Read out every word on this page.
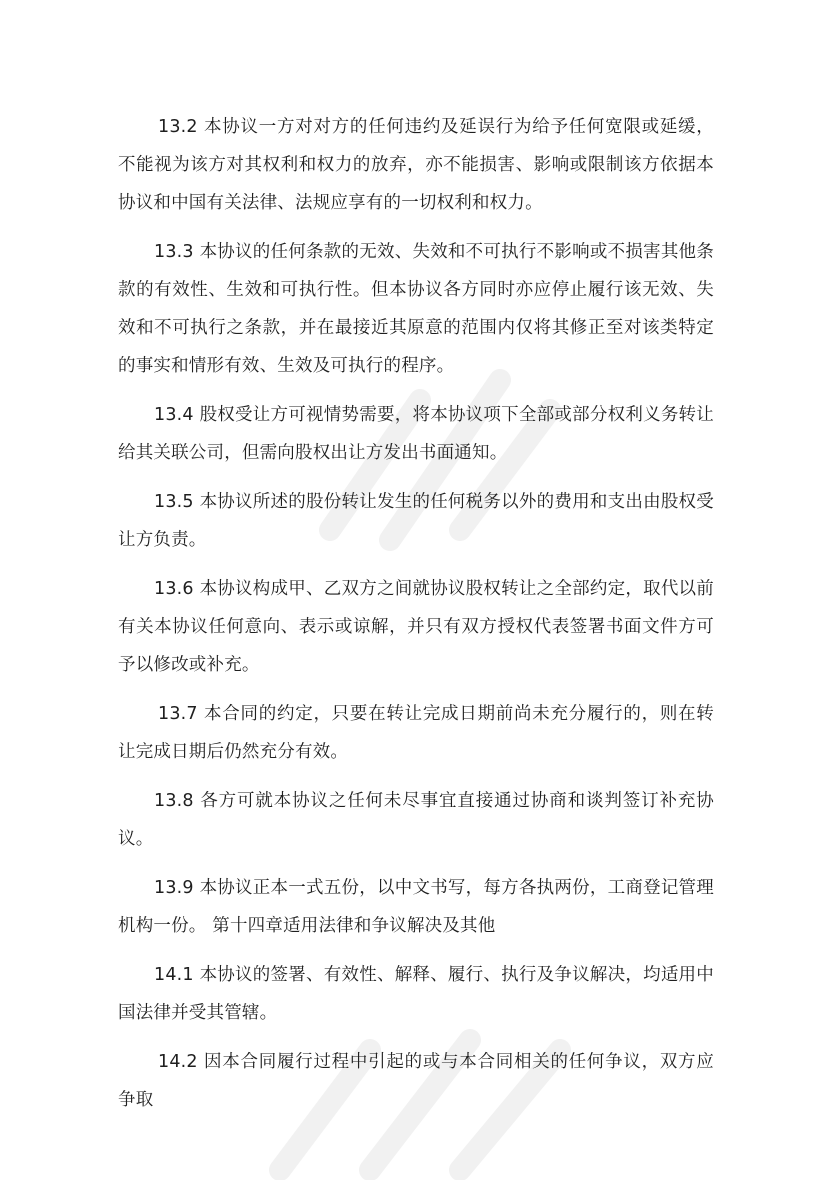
13.2 本协议一方对对方的任何违约及延误行为给予任何宽限或延缓，不能视为该方对其权利和权力的放弃，亦不能损害、影响或限制该方依据本协议和中国有关法律、法规应享有的一切权利和权力。

13.3 本协议的任何条款的无效、失效和不可执行不影响或不损害其他条款的有效性、生效和可执行性。但本协议各方同时亦应停止履行该无效、失效和不可执行之条款，并在最接近其原意的范围内仅将其修正至对该类特定的事实和情形有效、生效及可执行的程序。

13.4 股权受让方可视情势需要，将本协议项下全部或部分权利义务转让给其关联公司，但需向股权出让方发出书面通知。

13.5 本协议所述的股份转让发生的任何税务以外的费用和支出由股权受让方负责。

13.6 本协议构成甲、乙双方之间就协议股权转让之全部约定，取代以前有关本协议任何意向、表示或谅解，并只有双方授权代表签署书面文件方可予以修改或补充。

13.7 本合同的约定，只要在转让完成日期前尚未充分履行的，则在转让完成日期后仍然充分有效。

13.8 各方可就本协议之任何未尽事宜直接通过协商和谈判签订补充协议。

13.9 本协议正本一式五份，以中文书写，每方各执两份，工商登记管理机构一份。 第十四章适用法律和争议解决及其他

14.1 本协议的签署、有效性、解释、履行、执行及争议解决，均适用中国法律并受其管辖。

14.2 因本合同履行过程中引起的或与本合同相关的任何争议，双方应争取
